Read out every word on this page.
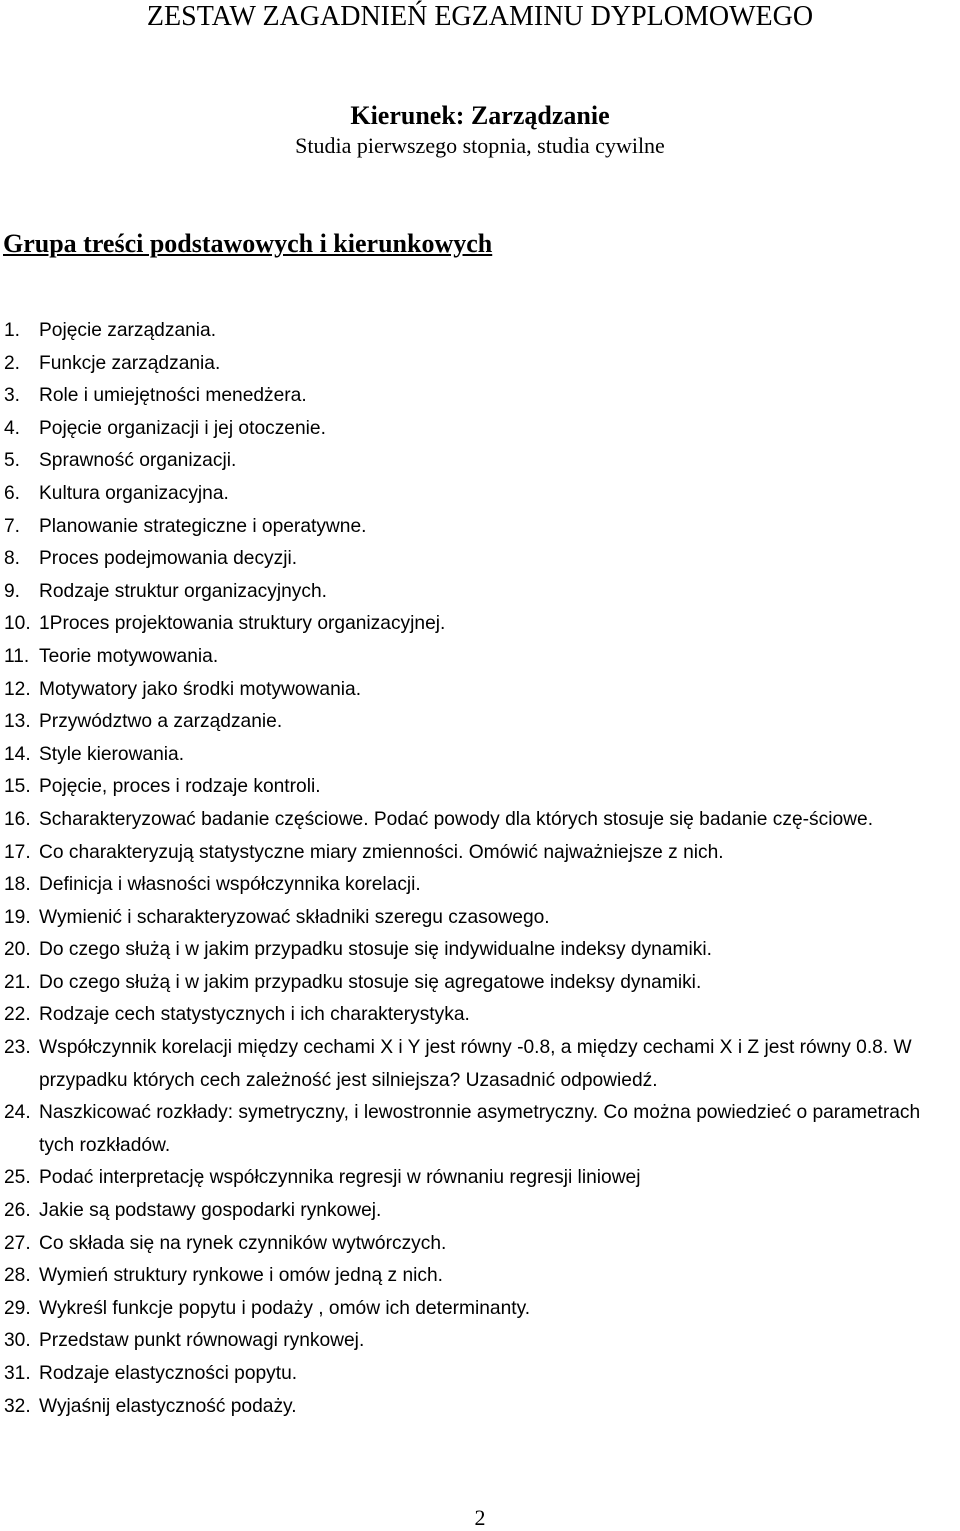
ZESTAW ZAGADNIEŃ EGZAMINU DYPLOMOWEGO
Kierunek: Zarządzanie
Studia pierwszego stopnia, studia cywilne
Grupa treści podstawowych i kierunkowych
1. Pojęcie zarządzania.
2. Funkcje zarządzania.
3. Role i umiejętności menedżera.
4. Pojęcie organizacji i jej otoczenie.
5. Sprawność organizacji.
6. Kultura organizacyjna.
7. Planowanie strategiczne i operatywne.
8. Proces podejmowania decyzji.
9. Rodzaje struktur organizacyjnych.
10. 1Proces projektowania struktury organizacyjnej.
11. Teorie motywowania.
12. Motywatory jako środki motywowania.
13. Przywództwo a zarządzanie.
14. Style kierowania.
15. Pojęcie, proces i rodzaje kontroli.
16. Scharakteryzować badanie częściowe. Podać powody dla których stosuje się badanie czę-ściowe.
17. Co charakteryzują statystyczne miary zmienności. Omówić najważniejsze z nich.
18. Definicja i własności współczynnika korelacji.
19. Wymienić i scharakteryzować składniki szeregu czasowego.
20. Do czego służą i w jakim przypadku stosuje się indywidualne indeksy dynamiki.
21. Do czego służą i w jakim przypadku stosuje się agregatowe indeksy dynamiki.
22. Rodzaje cech statystycznych i ich charakterystyka.
23. Współczynnik korelacji między cechami X i Y jest równy -0.8, a między cechami X i Z jest równy 0.8. W przypadku których cech zależność jest silniejsza? Uzasadnić odpowiedź.
24. Naszkicować rozkłady: symetryczny, i lewostronnie asymetryczny. Co można powiedzieć o parametrach tych rozkładów.
25. Podać interpretację współczynnika regresji w równaniu regresji liniowej
26. Jakie są podstawy gospodarki rynkowej.
27. Co składa się na rynek czynników wytwórczych.
28. Wymień struktury rynkowe i omów jedną z nich.
29. Wykreśl funkcje popytu i podaży , omów ich determinanty.
30. Przedstaw punkt równowagi rynkowej.
31. Rodzaje elastyczności popytu.
32. Wyjaśnij elastyczność podaży.
2
